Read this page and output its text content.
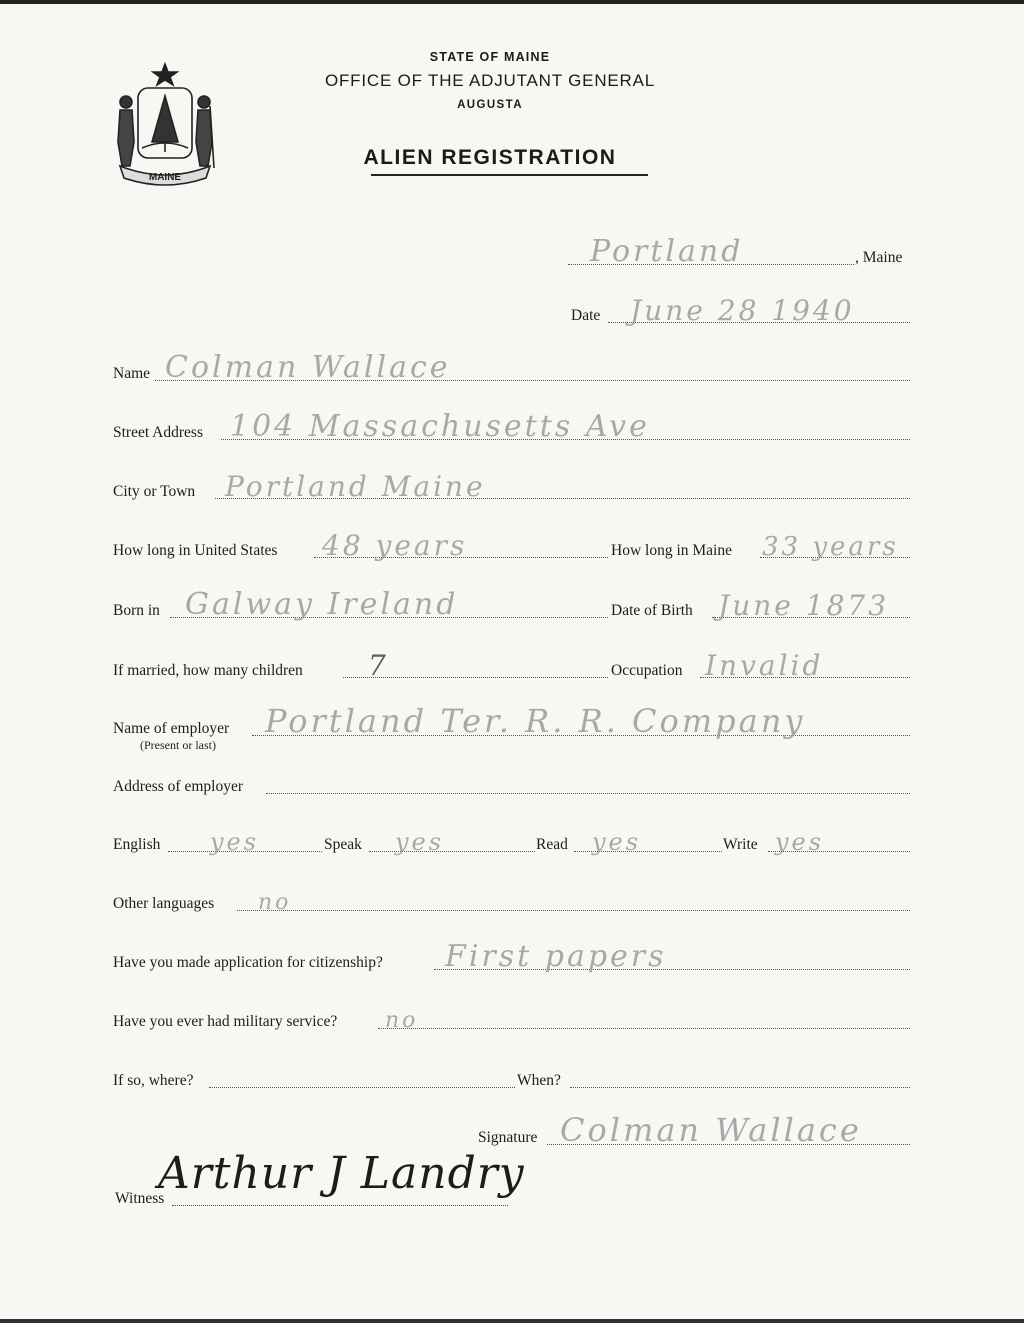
MAINE
STATE OF MAINE
OFFICE OF THE ADJUTANT GENERAL
AUGUSTA
ALIEN REGISTRATION
Portland	, Maine
Date June 28 1940
Name Colman Wallace
Street Address 104 Massachusetts Ave
City or Town Portland Maine
How long in United States 48 years	How long in Maine 33 years
Born in Galway Ireland	Date of Birth June 1873
If married, how many children 7	Occupation Invalid
Name of employer Portland Ter. R. R. Company
(Present or last)
Address of employer
English yes	Speak yes	Read yes	Write yes
Other languages no
Have you made application for citizenship? First papers
Have you ever had military service? no
If so, where?	When?
Signature Colman Wallace
Witness
Arthur J Landry
